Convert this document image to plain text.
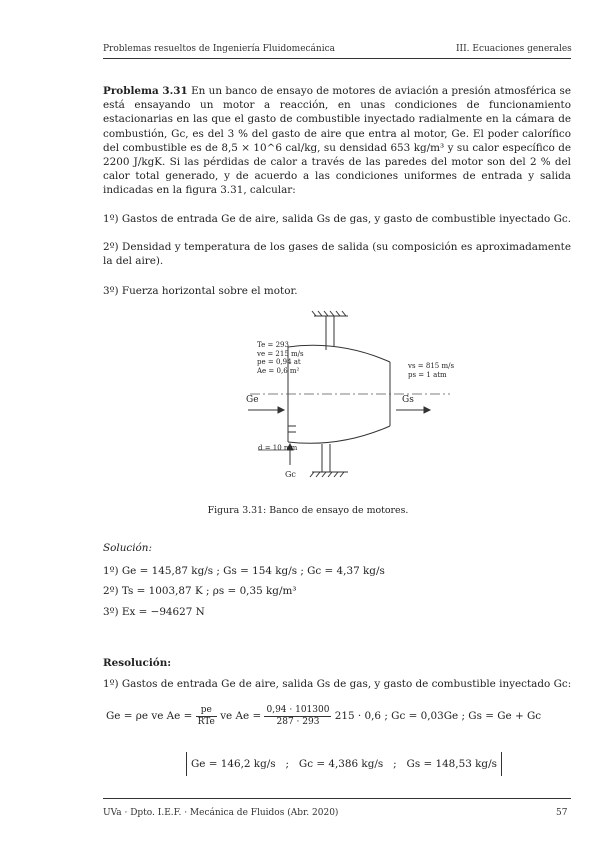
Problemas resueltos de Ingeniería Fluidomecánica	III. Ecuaciones generales
Problema 3.31 En un banco de ensayo de motores de aviación a presión atmosférica se está ensayando un motor a reacción, en unas condiciones de funcionamiento estacionarias en las que el gasto de combustible inyectado radialmente en la cámara de combustión, Gc, es del 3 % del gasto de aire que entra al motor, Ge. El poder calorífico del combustible es de 8,5 × 10^6 cal/kg, su densidad 653 kg/m³ y su calor específico de 2200 J/kgK. Si las pérdidas de calor a través de las paredes del motor son del 2 % del calor total generado, y de acuerdo a las condiciones uniformes de entrada y salida indicadas en la figura 3.31, calcular:
1º) Gastos de entrada Ge de aire, salida Gs de gas, y gasto de combustible inyectado Gc.
2º) Densidad y temperatura de los gases de salida (su composición es aproximadamente la del aire).
3º) Fuerza horizontal sobre el motor.
Te = 293
ve = 215 m/s
pe = 0,94 at
Ae = 0,6 m²
vs = 815 m/s
ps = 1 atm
Ge	Gs
d = 10 mm
Gc
Figura 3.31: Banco de ensayo de motores.
Solución:
1º) Ge = 145,87 kg/s ; Gs = 154 kg/s ; Gc = 4,37 kg/s
2º) Ts = 1003,87 K ; ρs = 0,35 kg/m³
3º) Ex = −94627 N
Resolución:
1º) Gastos de entrada Ge de aire, salida Gs de gas, y gasto de combustible inyectado Gc:
Ge = ρe ve $Ae = \frac{pe}{\text{RTe}}$ ve $Ae = \frac{0,94 \cdot 101300}{287 \cdot 293} 215 \cdot 0,6$ ; Gc = 0,03Ge ; Gs = Ge + Gc
Ge = 146,2 kg/s   ;   Gc = 4,386 kg/s   ;   Gs = 148,53 kg/s
UVa · Dpto. I.E.F. · Mecánica de Fluidos (Abr. 2020)	57
